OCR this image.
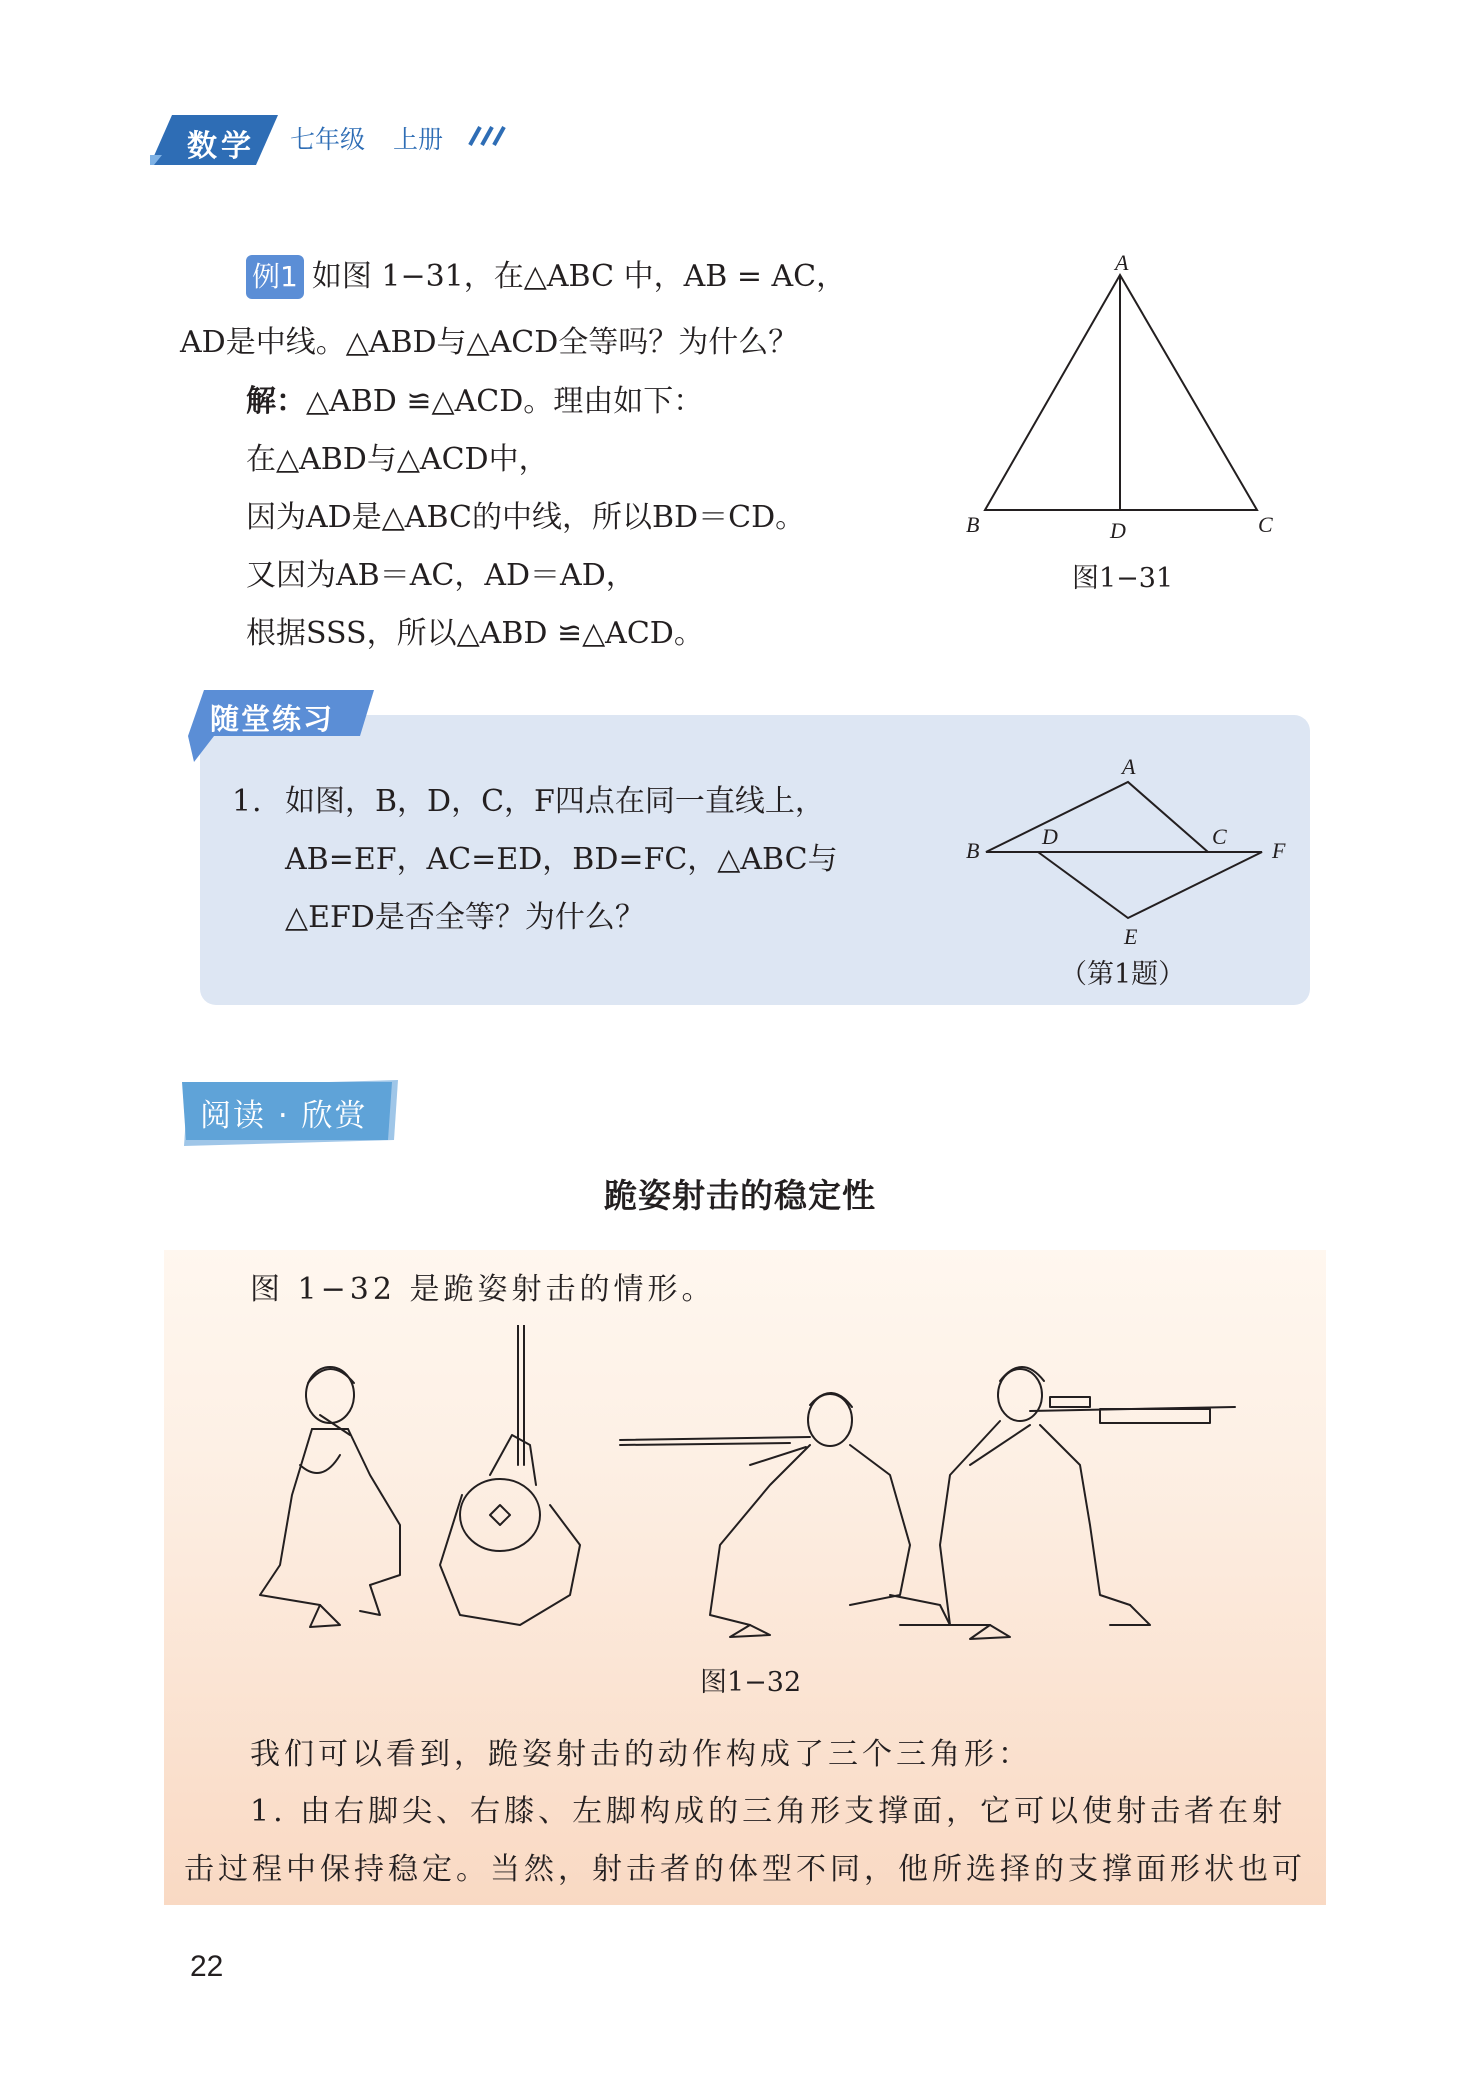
数学	七年级 上册
例1 如图 1−31，在△ABC 中，AB = AC，
AD是中线。△ABD与△ACD全等吗？为什么？
解：△ABD ≌△ACD。理由如下：
在△ABD与△ACD中，
因为AD是△ABC的中线，所以BD＝CD。
又因为AB＝AC，AD＝AD，
根据SSS，所以△ABD ≌△ACD。
A
B	D	C
图1−31
随堂练习
1 . 如图，B，D，C，F四点在同一直线上，
AB=EF，AC=ED，BD=FC，△ABC与
△EFD是否全等？为什么？
A
B
D	C
F
E
（第1题）
阅读 · 欣赏
跪姿射击的稳定性
图 1−32 是跪姿射击的情形。
图1−32
我们可以看到，跪姿射击的动作构成了三个三角形：
1. 由右脚尖、右膝、左脚构成的三角形支撑面，它可以使射击者在射
击过程中保持稳定。当然，射击者的体型不同，他所选择的支撑面形状也可
22
